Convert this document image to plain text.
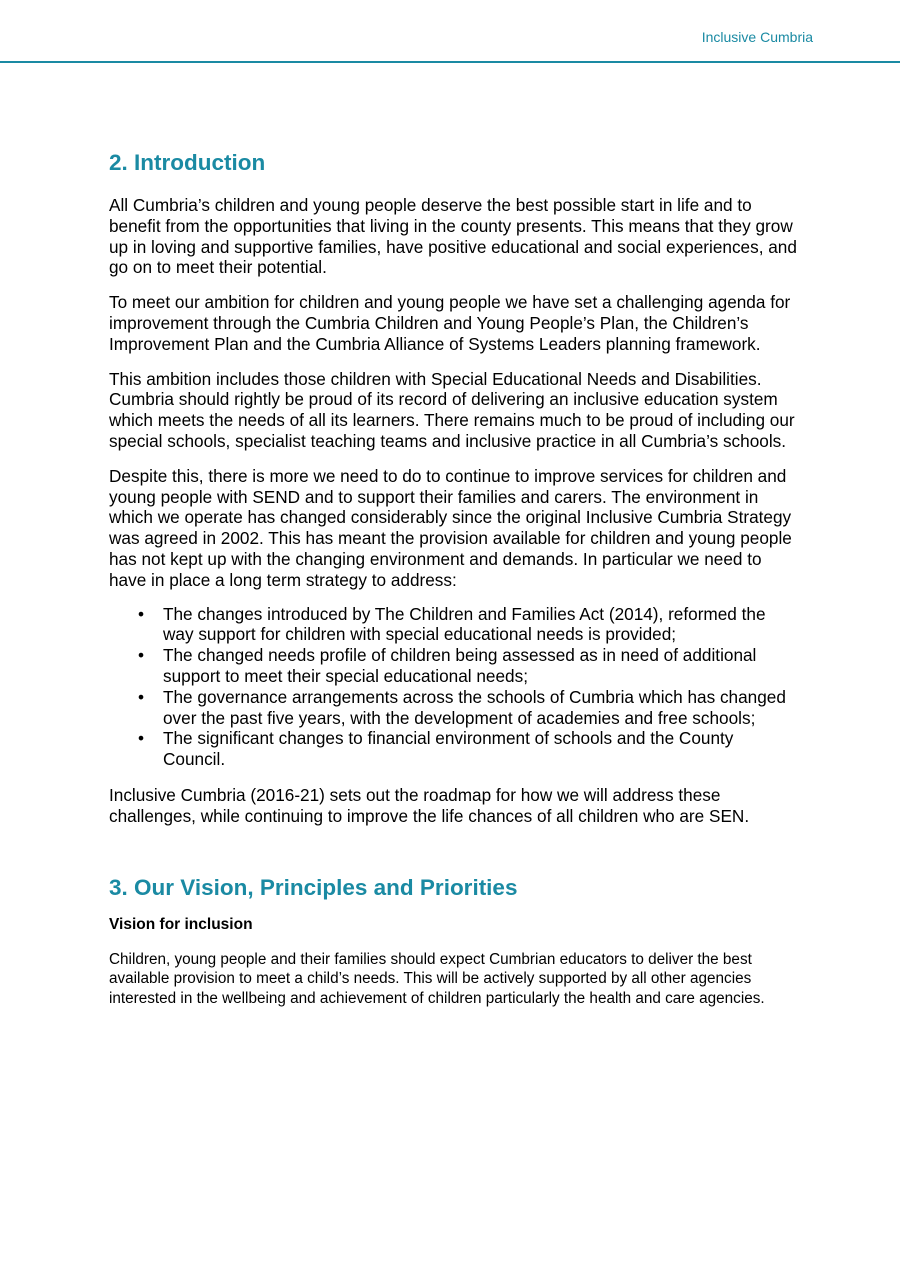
Inclusive Cumbria
2. Introduction

All Cumbria’s children and young people deserve the best possible start in life and to benefit from the opportunities that living in the county presents. This means that they grow up in loving and supportive families, have positive educational and social experiences, and go on to meet their potential.

To meet our ambition for children and young people we have set a challenging agenda for improvement through the Cumbria Children and Young People’s Plan, the Children’s Improvement Plan and the Cumbria Alliance of Systems Leaders planning framework.

This ambition includes those children with Special Educational Needs and Disabilities. Cumbria should rightly be proud of its record of delivering an inclusive education system which meets the needs of all its learners. There remains much to be proud of including our special schools, specialist teaching teams and inclusive practice in all Cumbria’s schools.

Despite this, there is more we need to do to continue to improve services for children and young people with SEND and to support their families and carers. The environment in which we operate has changed considerably since the original Inclusive Cumbria Strategy was agreed in 2002. This has meant the provision available for children and young people has not kept up with the changing environment and demands. In particular we need to have in place a long term strategy to address:

• The changes introduced by The Children and Families Act (2014), reformed the way support for children with special educational needs is provided;
• The changed needs profile of children being assessed as in need of additional support to meet their special educational needs;
• The governance arrangements across the schools of Cumbria which has changed over the past five years, with the development of academies and free schools;
• The significant changes to financial environment of schools and the County Council.

Inclusive Cumbria (2016-21) sets out the roadmap for how we will address these challenges, while continuing to improve the life chances of all children who are SEN.

3. Our Vision, Principles and Priorities

Vision for inclusion

Children, young people and their families should expect Cumbrian educators to deliver the best available provision to meet a child’s needs. This will be actively supported by all other agencies interested in the wellbeing and achievement of children particularly the health and care agencies.
